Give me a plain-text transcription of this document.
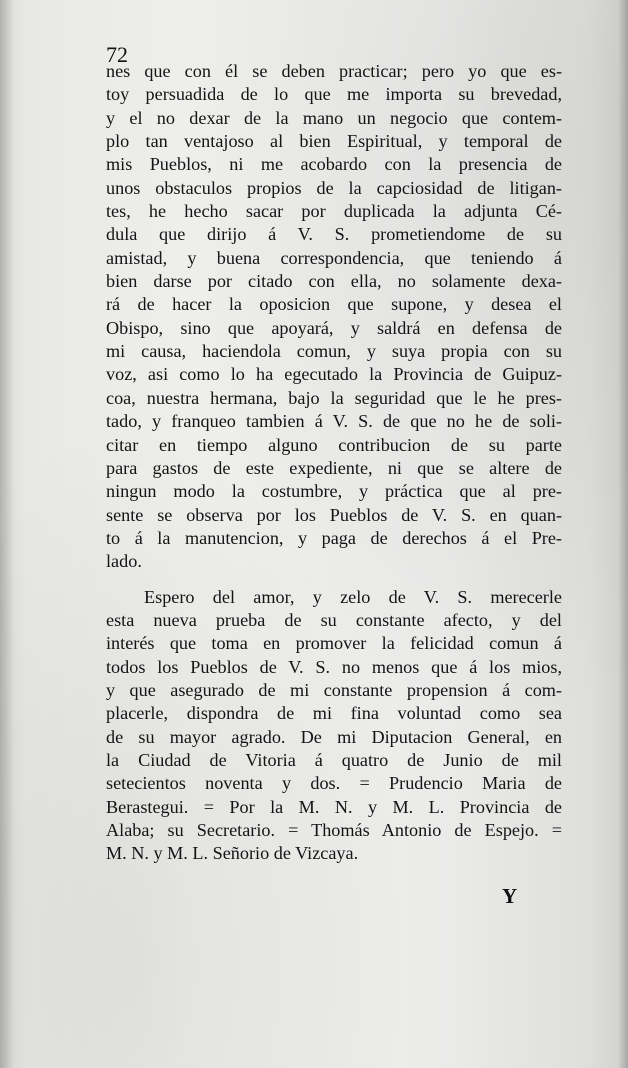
72
nes que con él se deben practicar; pero yo que es-
toy persuadida de lo que me importa su brevedad,
y el no dexar de la mano un negocio que contem-
plo tan ventajoso al bien Espiritual, y temporal de
mis Pueblos, ni me acobardo con la presencia de
unos obstaculos propios de la capciosidad de litigan-
tes, he hecho sacar por duplicada la adjunta Cé-
dula que dirijo á V. S. prometiendome de su
amistad, y buena correspondencia, que teniendo á
bien darse por citado con ella, no solamente dexa-
rá de hacer la oposicion que supone, y desea el
Obispo, sino que apoyará, y saldrá en defensa de
mi causa, haciendola comun, y suya propia con su
voz, asi como lo ha egecutado la Provincia de Guipuz-
coa, nuestra hermana, bajo la seguridad que le he pres-
tado, y franqueo tambien á V. S. de que no he de soli-
citar en tiempo alguno contribucion de su parte
para gastos de este expediente, ni que se altere de
ningun modo la costumbre, y práctica que al pre-
sente se observa por los Pueblos de V. S. en quan-
to á la manutencion, y paga de derechos á el Pre-
lado.
Espero del amor, y zelo de V. S. merecerle
esta nueva prueba de su constante afecto, y del
interés que toma en promover la felicidad comun á
todos los Pueblos de V. S. no menos que á los mios,
y que asegurado de mi constante propension á com-
placerle, dispondra de mi fina voluntad como sea
de su mayor agrado. De mi Diputacion General, en
la Ciudad de Vitoria á quatro de Junio de mil
setecientos noventa y dos. = Prudencio Maria de
Berastegui. = Por la M. N. y M. L. Provincia de
Alaba; su Secretario. = Thomás Antonio de Espejo. =
M. N. y M. L. Señorio de Vizcaya.
Y
